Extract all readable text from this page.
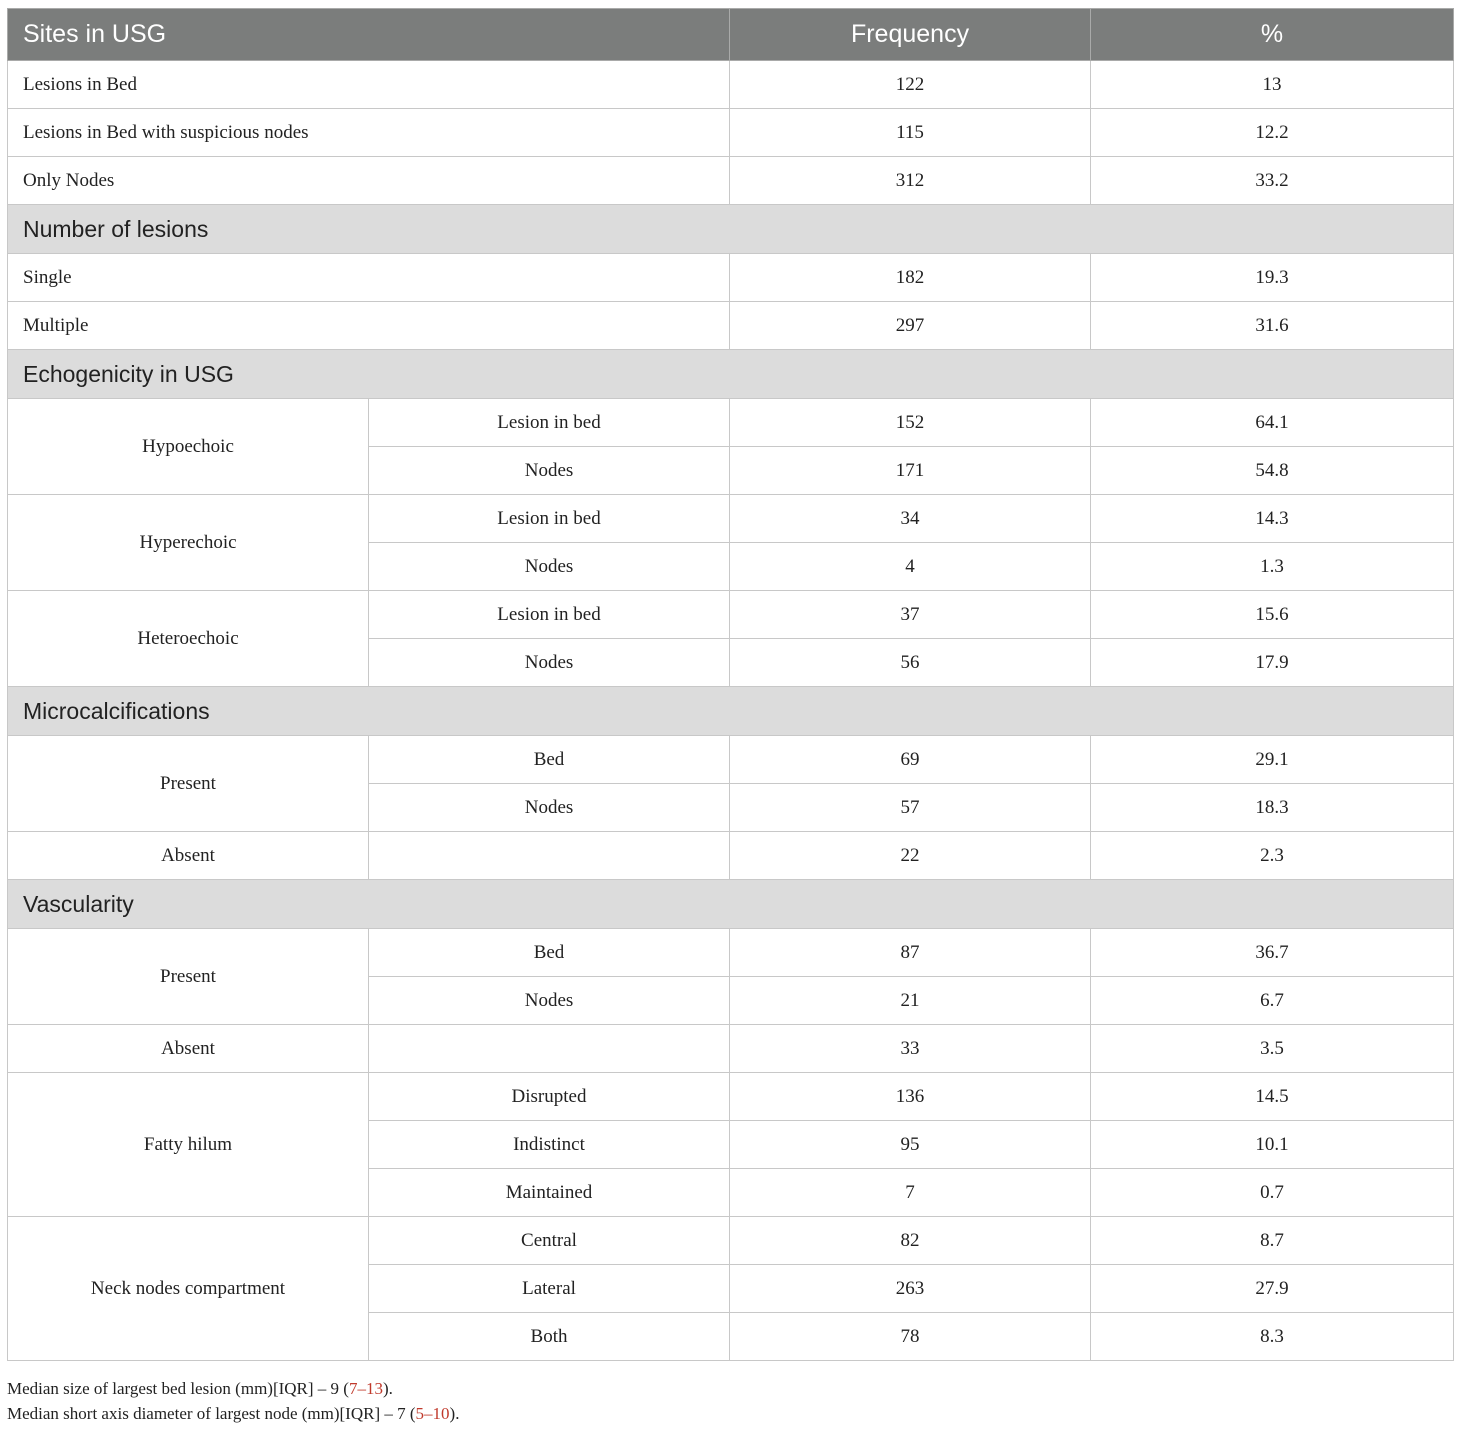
Sites in USG		Frequency	%
Lesions in Bed		122	13
Lesions in Bed with suspicious nodes		115	12.2
Only Nodes		312	33.2
Number of lesions			
Single		182	19.3
Multiple		297	31.6
Echogenicity in USG			
Hypoechoic	Lesion in bed	152	64.1
	Nodes	171	54.8
Hyperechoic	Lesion in bed	34	14.3
	Nodes	4	1.3
Heteroechoic	Lesion in bed	37	15.6
	Nodes	56	17.9
Microcalcifications			
Present	Bed	69	29.1
	Nodes	57	18.3
Absent		22	2.3
Vascularity			
Present	Bed	87	36.7
	Nodes	21	6.7
Absent		33	3.5
Fatty hilum	Disrupted	136	14.5
	Indistinct	95	10.1
	Maintained	7	0.7
Neck nodes compartment	Central	82	8.7
	Lateral	263	27.9
	Both	78	8.3
Median size of largest bed lesion (mm)[IQR] – 9 (7–13).
Median short axis diameter of largest node (mm)[IQR] – 7 (5–10).
